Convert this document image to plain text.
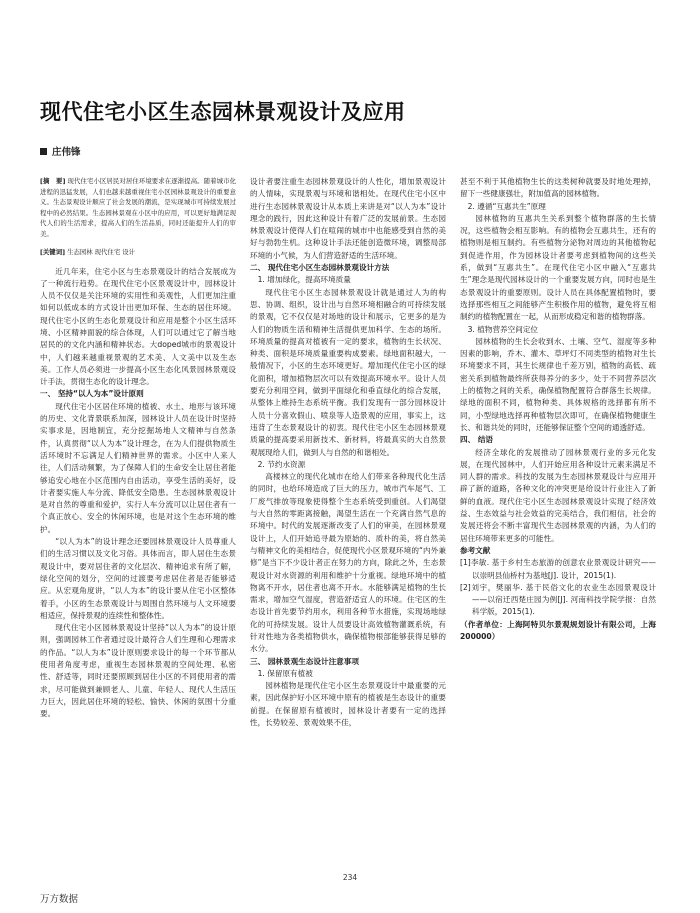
现代住宅小区生态园林景观设计及应用
庄伟锋

[摘　要] 现代住宅小区居民对居住环境要求在逐渐提高。随着城市化进程的迅猛发展，人们也越来越重视住宅小区园林景观设计的重要意义。生态景观设计顺应了社会发展的潮流，是实现城市可持续发展过程中的必然结果。生态园林景观在小区中的应用，可以更好地满足现代人们的生活需求，提高人们的生活品质，同时还能提升人们的审美。

[关键词] 生态园林 现代住宅 设计

近几年来，住宅小区与生态景观设计的结合发展成为了一种流行趋势。在现代住宅小区景观设计中，园林设计人员不仅仅是关注环境的实用性和美观性，人们更加注重如何以低成本的方式设计出更加环保、生态的居住环境。现代住宅小区的生态化景观设计和应用是整个小区生活环境、小区精神面貌的综合体现，人们可以通过它了解当地居民的的文化内涵和精神状态。大doped城市的景观设计中，人们越来越重视景观的艺术美、人文美中以及生态美。工作人员必须进一步提高小区生态化风景园林景观设计手法，贯彻生态化的设计理念。

一、 坚持“以人为本”设计原则

现代住宅小区居住环境的植被、水土、地形与该环境的历史、文化背景联系加深，园林设计人员在设计时坚持实事求是，因地制宜，充分挖掘场地人文精神与自然条件，认真贯彻“以人为本”设计理念，在为人们提供物质生活环境时不忘满足人们精神世界的需求。小区中人来人往，人们活动频繁，为了保障人们的生命安全让居住者能够追安心地在小区范围内自由活动，享受生活的美好，设计者要实施人车分流、降低安全隐患。生态园林景观设计是对自然的尊重和爱护，实行人车分流可以让居住者有一个真正放心、安全的休闲环境，也是对这个生态环境的维护。

“以人为本”的设计理念还要园林景观设计人员尊重人们的生活习惯以及文化习俗。具体而言，即人居住生态景观设计中，要对居住者的文化层次、精神追求有所了解，绿化空间的划分，空间的过渡要考虑居住者是否能够适应。从宏观角度讲，“以人为本”的设计要从住宅小区整体着手，小区的生态景观设计与周围自然环境与人文环境要相适应，保持景观的连续性和整体性。

现代住宅小区园林景观设计坚持“以人为本”的设计原则，强调园林工作者通过设计最符合人们生理和心理需求的作品。“以人为本”设计原则要求设计的每一个环节都从使用者角度考虑，重视生态园林景观的空间处理、私密性、舒适等，同时还要照顾到居住小区的不同使用者的需求，尽可能做到兼顾老人、儿童、年轻人、现代人生活压力巨大，因此居住环境的轻松、愉快、休闲的氛围十分重要。

设计者要注重生态园林景观设计的人性化，增加景观设计的人情味，实现景观与环境和谐相处。在现代住宅小区中进行生态园林景观设计从本质上来讲是对“以人为本”设计理念的践行，因此这种设计有着广泛的发展前景。生态园林景观设计使得人们在喧闹的城市中也能感受到自然的美好与勃勃生机。这种设计手法还能创造微环境，调整局部环境的小气候，为人们营造舒适的生活环境。

二、 现代住宅小区生态园林景观设计方法

1. 增加绿化，提高环境质量

现代住宅小区生态园林景观设计就是通过人为的构思、协调、组织，设计出与自然环境相融合的可持续发展的景观，它不仅仅是对场地的设计和展示，它更多的是为人们的物质生活和精神生活提供更加科学、生态的场所。环境质量的提高对植被有一定的要求，植物的生长状况、种类、面积是环境质量重要构成要素。绿地面积越大，一般情况下，小区的生态环境更好。增加现代住宅小区的绿化面积，增加植物层次可以有效提高环境水平。设计人员要充分利用空间，做到平面绿化和垂直绿化的综合发展，从整体上维持生态系统平衡。我们发现有一部分园林设计人员十分喜欢假山、喷泉等人造景观的应用，事实上，这违背了生态景观设计的初衷。现代住宅小区生态园林景观质量的提高要采用新技术、新材料，将最真实的大自然景观展现给人们，做到人与自然的和谐相处。

2. 节约水资源

高楼林立的现代化城市在给人们带来各种现代化生活的同时，也给环境造成了巨大的压力，城市汽车尾气、工厂废气排放等现象使得整个生态系统受到重创。人们渴望与大自然的零距离接触，渴望生活在一个充满自然气息的环境中。时代的发展逐渐改变了人们的审美，在园林景观设计上，人们开始追寻最为原始的、质朴的美，将自然美与精神文化的美相结合，促使现代小区景观环境的“内外兼修”是当下不少设计者正在努力的方向，除此之外，生态景观设计对水资源的利用和维护十分重视。绿地环境中的植物离不开水，居住者也离不开水。水能够满足植物的生长需求，增加空气湿度，营造舒适宜人的环境。住宅区的生态设计首先要节约用水，利用各种节水措施，实现场地绿化的可持续发展。设计人员要设计高效植物灌溉系统，有针对性地为各类植物供水，确保植物根部能够获得足够的水分。

三、 园林景观生态设计注意事项

1. 保留原有植被

园林植物是现代住宅小区生态景观设计中最重要的元素，因此保护好小区环境中原有的植被是生态设计的重要前提。在保留原有植被时，园林设计者要有一定的选择性，长势较差、景观效果不佳，

甚至不利于其他植物生长的这类树种就要及时地处理掉，留下一些健康强壮，附加值高的园林植物。

2. 遵循“互惠共生”原理

园林植物的互惠共生关系到整个植物群落的生长情况，这些植物会相互影响。有的植物会互惠共生，还有的植物则是相互制约。有些植物分泌物对周边的其他植物起到促进作用，作为园林设计者要考虑到植物间的这些关系，做到“互惠共生”。在现代住宅小区中融入“互惠共生”理念是现代园林设计的一个重要发展方向，同时也是生态景观设计的重要原则。设计人员在具体配置植物时，要选择那些相互之间能够产生积极作用的植物，避免将互相制约的植物配置在一起，从而形成稳定和谐的植物群落。

3. 植物营养空间定位

园林植物的生长会收到水、土壤、空气、湿度等多种因素的影响，乔木、灌木、草坪灯不同类型的植物对生长环境要求不同，其生长规律也千差万别，植物的高低、疏密关系到植物最终所获得养分的多少，处于不同营养层次上的植物之间的关系，确保植物配置符合群落生长规律。绿地的面积不同，植物种类、具体规格的选择都有所不同，小型绿地选择再种植物层次即可，在确保植物健康生长、和谐共处的同时，还能够保证整个空间的通透舒适。

四、 结语

经济全球化的发展推动了园林景观行业的多元化发展，在现代园林中，人们开始应用各种设计元素来满足不同人群的需求。科技的发展为生态园林景观设计与应用开辟了新的道路，各种文化的冲突更是给设计行业注入了新鲜的血液。现代住宅小区生态园林景观设计实现了经济效益、生态效益与社会效益的完美结合，我们相信，社会的发展还将会不断丰富现代生态园林景观的内涵，为人们的居住环境带来更多的可能性。

参考文献

[1]李敏. 基于乡村生态旅游的创意农业景观设计研究——以崇明县仙桥村为基地[J]. 设计，2015(1).

[2]刘宇，樊丽华. 基于民俗文化的农业生态园景观设计——以宿迁西楚庄园为例[J]. 河南科技学院学报：自然科学版，2015(1).

（作者单位：上海阿特贝尔景观规划设计有限公司，上海 200000）

234
万方数据
